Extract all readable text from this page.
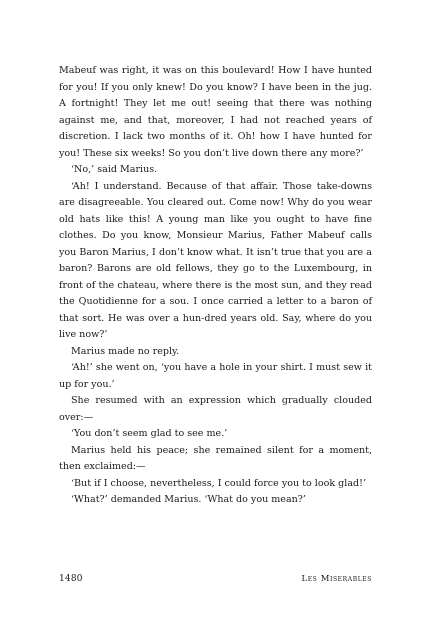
Mabeuf was right, it was on this boulevard! How I have hunted for you! If you only knew! Do you know? I have been in the jug. A fortnight! They let me out! seeing that there was nothing against me, and that, moreover, I had not reached years of discretion. I lack two months of it. Oh! how I have hunted for you! These six weeks! So you don’t live down there any more?’

‘No,’ said Marius.

‘Ah! I understand. Because of that affair. Those take-downs are disagreeable. You cleared out. Come now! Why do you wear old hats like this! A young man like you ought to have fine clothes. Do you know, Monsieur Marius, Father Mabeuf calls you Baron Marius, I don’t know what. It isn’t true that you are a baron? Barons are old fellows, they go to the Luxembourg, in front of the chateau, where there is the most sun, and they read the Quotidienne for a sou. I once carried a letter to a baron of that sort. He was over a hun-dred years old. Say, where do you live now?’

Marius made no reply.

‘Ah!’ she went on, ‘you have a hole in your shirt. I must sew it up for you.’

She resumed with an expression which gradually clouded over:—

‘You don’t seem glad to see me.’

Marius held his peace; she remained silent for a moment, then exclaimed:—

‘But if I choose, nevertheless, I could force you to look glad!’

‘What?’ demanded Marius. ‘What do you mean?’

1480	Les Miserables
